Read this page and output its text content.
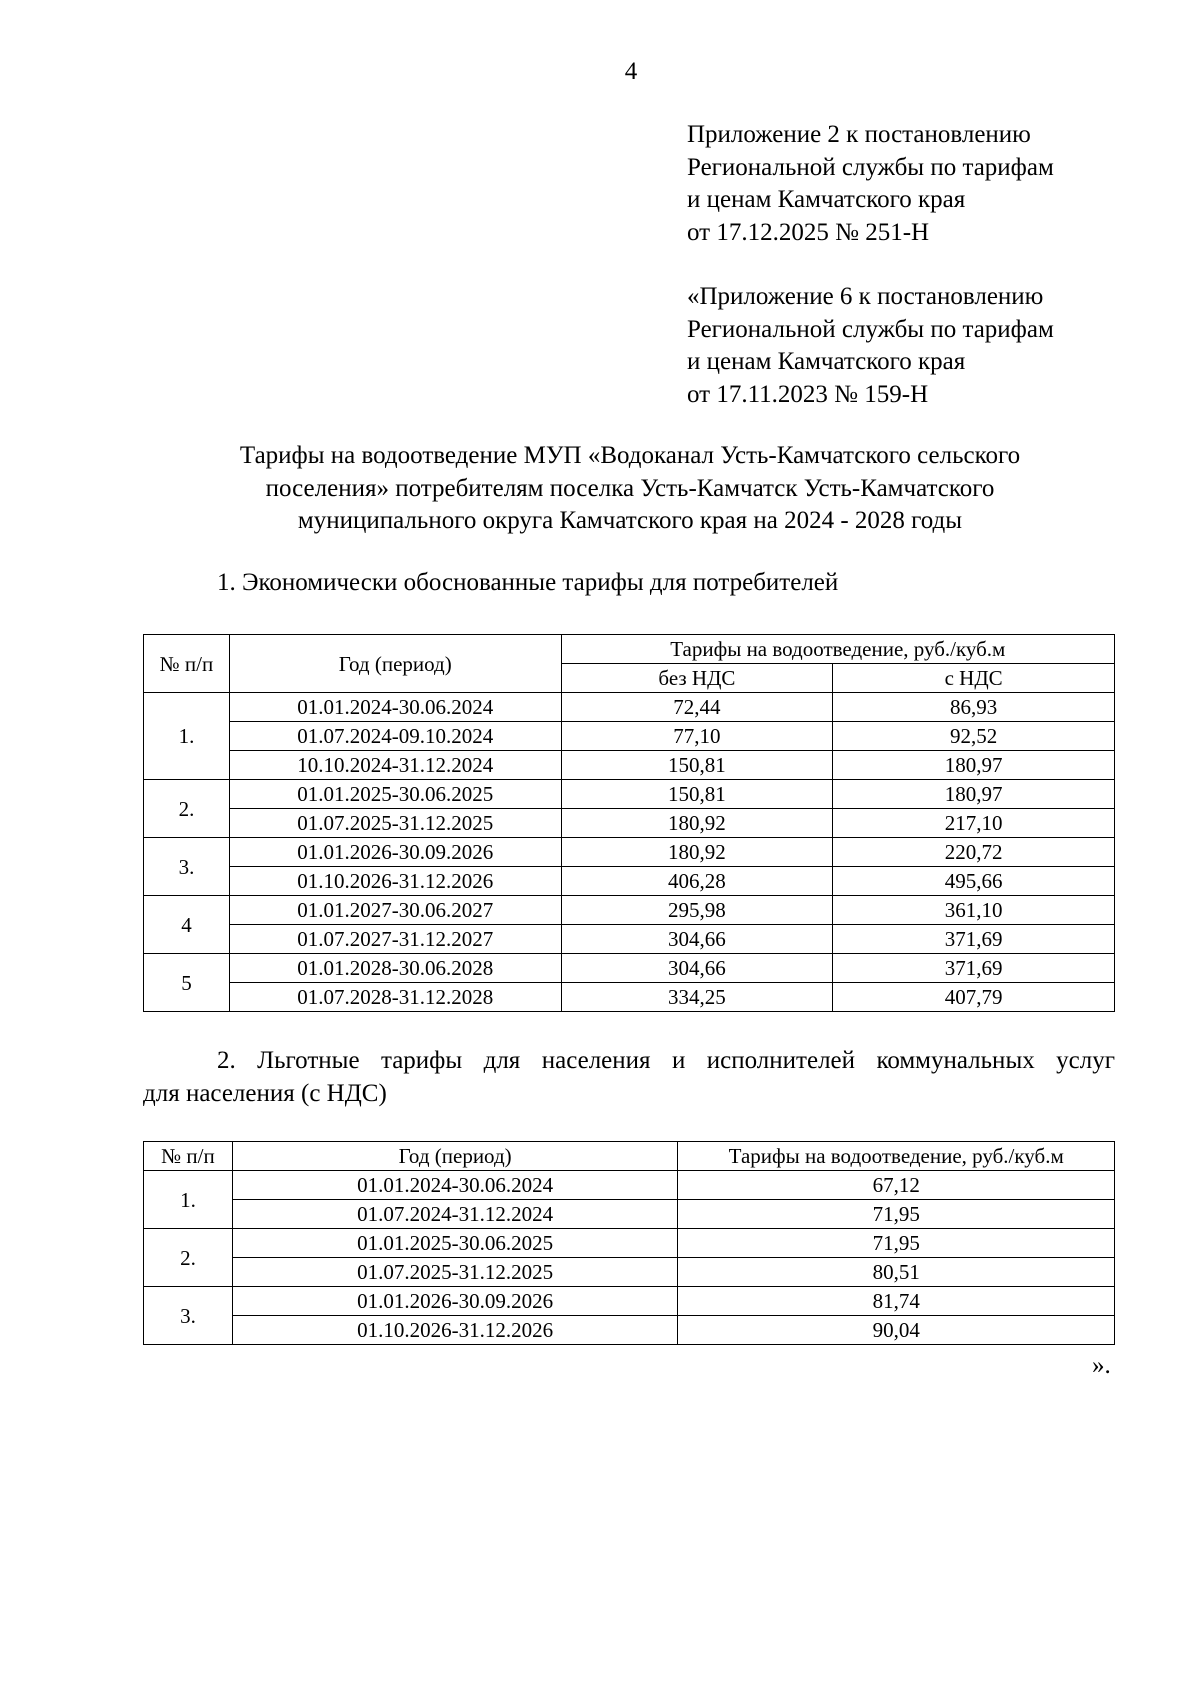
4
Приложение 2 к постановлению
Региональной службы по тарифам
и ценам Камчатского края
от 17.12.2025 № 251-Н
«Приложение 6 к постановлению
Региональной службы по тарифам
и ценам Камчатского края
от 17.11.2023 № 159-Н
Тарифы на водоотведение МУП «Водоканал Усть-Камчатского сельского
поселения» потребителям поселка Усть-Камчатск Усть-Камчатского
муниципального округа Камчатского края на 2024 - 2028 годы
1. Экономически обоснованные тарифы для потребителей
№ п/п	Год (период)	Тарифы на водоотведение, руб./куб.м	
		без НДС	с НДС
1.	01.01.2024-30.06.2024	72,44	86,93
	01.07.2024-09.10.2024	77,10	92,52
	10.10.2024-31.12.2024	150,81	180,97
2.	01.01.2025-30.06.2025	150,81	180,97
	01.07.2025-31.12.2025	180,92	217,10
3.	01.01.2026-30.09.2026	180,92	220,72
	01.10.2026-31.12.2026	406,28	495,66
4	01.01.2027-30.06.2027	295,98	361,10
	01.07.2027-31.12.2027	304,66	371,69
5	01.01.2028-30.06.2028	304,66	371,69
	01.07.2028-31.12.2028	334,25	407,79
2. Льготные тарифы для населения и исполнителей коммунальных услуг
для населения (с НДС)
№ п/п	Год (период)	Тарифы на водоотведение, руб./куб.м
1.	01.01.2024-30.06.2024	67,12
	01.07.2024-31.12.2024	71,95
2.	01.01.2025-30.06.2025	71,95
	01.07.2025-31.12.2025	80,51
3.	01.01.2026-30.09.2026	81,74
	01.10.2026-31.12.2026	90,04
».
